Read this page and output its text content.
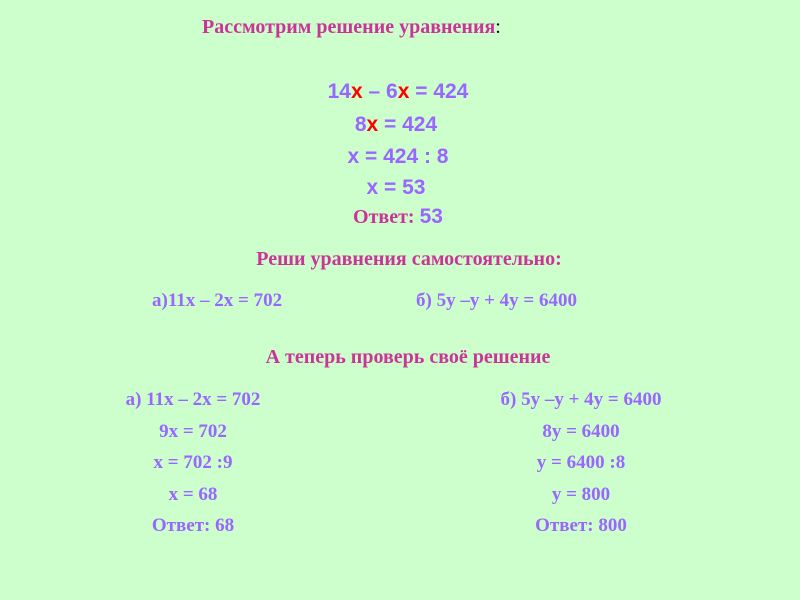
Рассмотрим решение уравнения:
14х – 6х = 424
8х = 424
х = 424 : 8
х = 53
Ответ: 53
Реши уравнения самостоятельно:
а)11х – 2х = 702	б) 5у –у + 4у = 6400
А теперь проверь своё решение
а) 11х – 2х = 702
9х = 702
х = 702 :9
х = 68
Ответ: 68
б) 5у –у + 4у = 6400
8у = 6400
у = 6400 :8
у = 800
Ответ: 800
